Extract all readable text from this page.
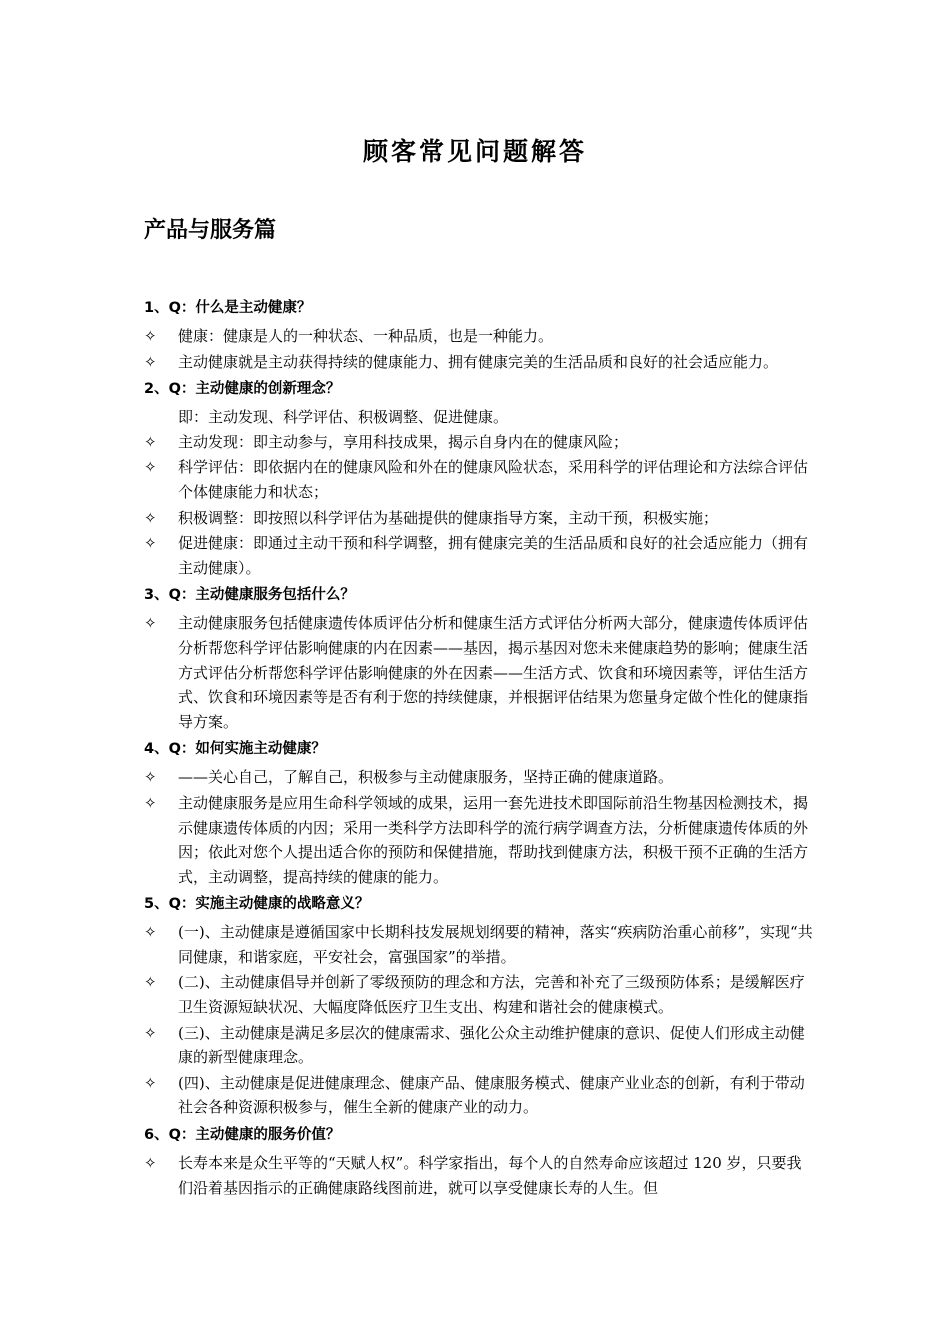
顾客常见问题解答
产品与服务篇
1、Q：什么是主动健康？
✧	健康：健康是人的一种状态、一种品质，也是一种能力。
✧	主动健康就是主动获得持续的健康能力、拥有健康完美的生活品质和良好的社会适应能力。
2、Q：主动健康的创新理念？
即：主动发现、科学评估、积极调整、促进健康。
✧	主动发现：即主动参与，享用科技成果，揭示自身内在的健康风险；
✧	科学评估：即依据内在的健康风险和外在的健康风险状态，采用科学的评估理论和方法综合评估个体健康能力和状态；
✧	积极调整：即按照以科学评估为基础提供的健康指导方案，主动干预，积极实施；
✧	促进健康：即通过主动干预和科学调整，拥有健康完美的生活品质和良好的社会适应能力（拥有主动健康）。
3、Q：主动健康服务包括什么？
✧	主动健康服务包括健康遗传体质评估分析和健康生活方式评估分析两大部分，健康遗传体质评估分析帮您科学评估影响健康的内在因素——基因，揭示基因对您未来健康趋势的影响；健康生活方式评估分析帮您科学评估影响健康的外在因素——生活方式、饮食和环境因素等，评估生活方式、饮食和环境因素等是否有利于您的持续健康，并根据评估结果为您量身定做个性化的健康指导方案。
4、Q：如何实施主动健康？
✧	——关心自己，了解自己，积极参与主动健康服务，坚持正确的健康道路。
✧	主动健康服务是应用生命科学领域的成果，运用一套先进技术即国际前沿生物基因检测技术，揭示健康遗传体质的内因；采用一类科学方法即科学的流行病学调查方法，分析健康遗传体质的外因；依此对您个人提出适合你的预防和保健措施，帮助找到健康方法，积极干预不正确的生活方式，主动调整，提高持续的健康的能力。
5、Q：实施主动健康的战略意义？
✧	(一)、主动健康是遵循国家中长期科技发展规划纲要的精神，落实“疾病防治重心前移”，实现“共同健康，和谐家庭，平安社会，富强国家”的举措。
✧	(二)、主动健康倡导并创新了零级预防的理念和方法，完善和补充了三级预防体系；是缓解医疗卫生资源短缺状况、大幅度降低医疗卫生支出、构建和谐社会的健康模式。
✧	(三)、主动健康是满足多层次的健康需求、强化公众主动维护健康的意识、促使人们形成主动健康的新型健康理念。
✧	(四)、主动健康是促进健康理念、健康产品、健康服务模式、健康产业业态的创新，有利于带动社会各种资源积极参与，催生全新的健康产业的动力。
6、Q：主动健康的服务价值？
✧	长寿本来是众生平等的“天赋人权”。科学家指出，每个人的自然寿命应该超过 120 岁，只要我们沿着基因指示的正确健康路线图前进，就可以享受健康长寿的人生。但
